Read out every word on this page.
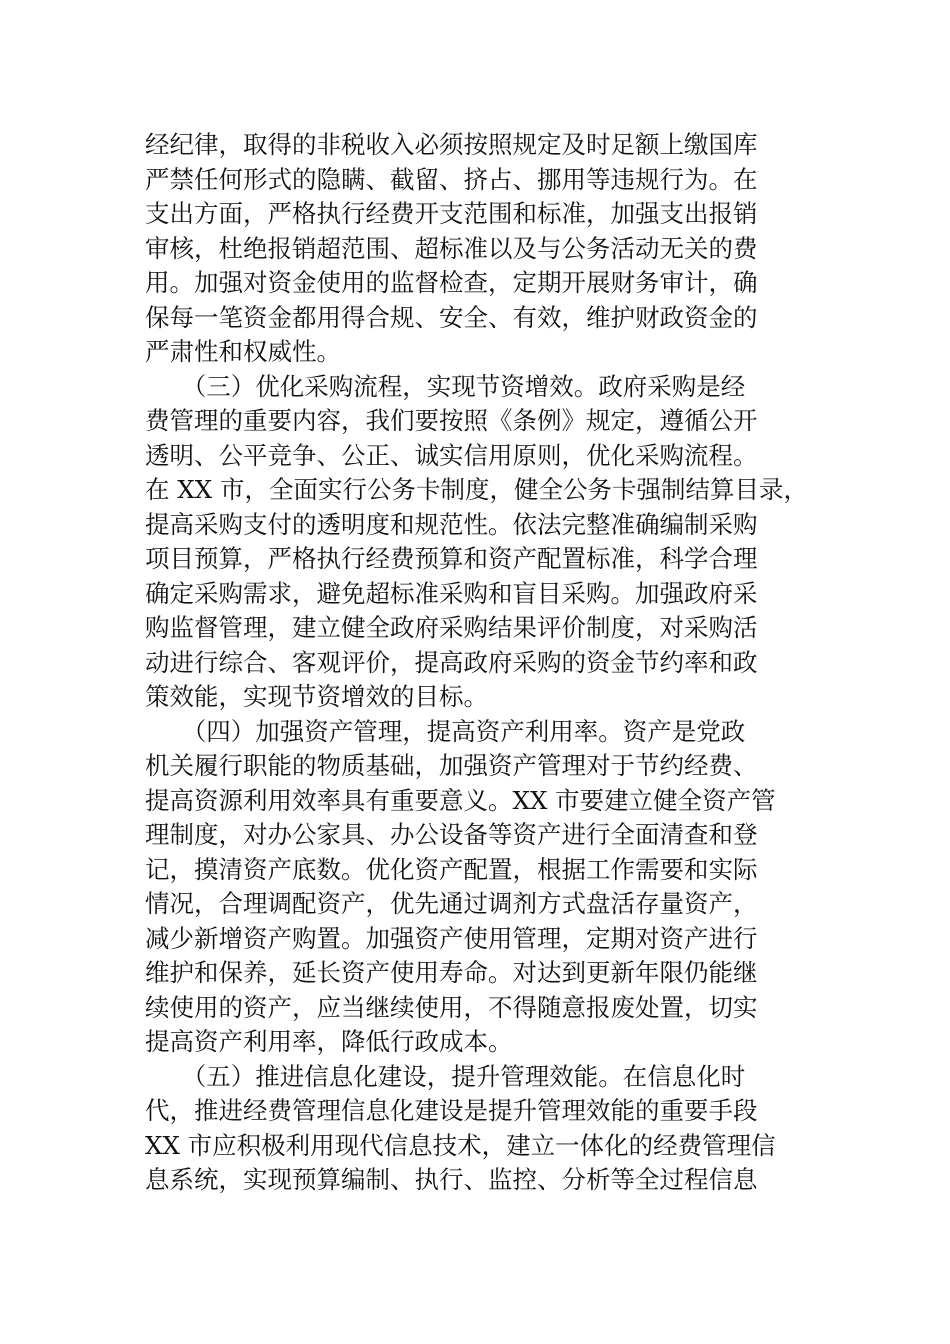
经纪律，取得的非税收入必须按照规定及时足额上缴国库
严禁任何形式的隐瞒、截留、挤占、挪用等违规行为。在
支出方面，严格执行经费开支范围和标准，加强支出报销
审核，杜绝报销超范围、超标准以及与公务活动无关的费
用。加强对资金使用的监督检查，定期开展财务审计，确
保每一笔资金都用得合规、安全、有效，维护财政资金的
严肃性和权威性。
　　（三）优化采购流程，实现节资增效。政府采购是经
费管理的重要内容，我们要按照《条例》规定，遵循公开
透明、公平竞争、公正、诚实信用原则，优化采购流程。
在 XX 市，全面实行公务卡制度，健全公务卡强制结算目录，
提高采购支付的透明度和规范性。依法完整准确编制采购
项目预算，严格执行经费预算和资产配置标准，科学合理
确定采购需求，避免超标准采购和盲目采购。加强政府采
购监督管理，建立健全政府采购结果评价制度，对采购活
动进行综合、客观评价，提高政府采购的资金节约率和政
策效能，实现节资增效的目标。
　　（四）加强资产管理，提高资产利用率。资产是党政
机关履行职能的物质基础，加强资产管理对于节约经费、
提高资源利用效率具有重要意义。XX 市要建立健全资产管
理制度，对办公家具、办公设备等资产进行全面清查和登
记，摸清资产底数。优化资产配置，根据工作需要和实际
情况，合理调配资产，优先通过调剂方式盘活存量资产，
减少新增资产购置。加强资产使用管理，定期对资产进行
维护和保养，延长资产使用寿命。对达到更新年限仍能继
续使用的资产，应当继续使用，不得随意报废处置，切实
提高资产利用率，降低行政成本。
　　（五）推进信息化建设，提升管理效能。在信息化时
代，推进经费管理信息化建设是提升管理效能的重要手段
XX 市应积极利用现代信息技术，建立一体化的经费管理信
息系统，实现预算编制、执行、监控、分析等全过程信息
